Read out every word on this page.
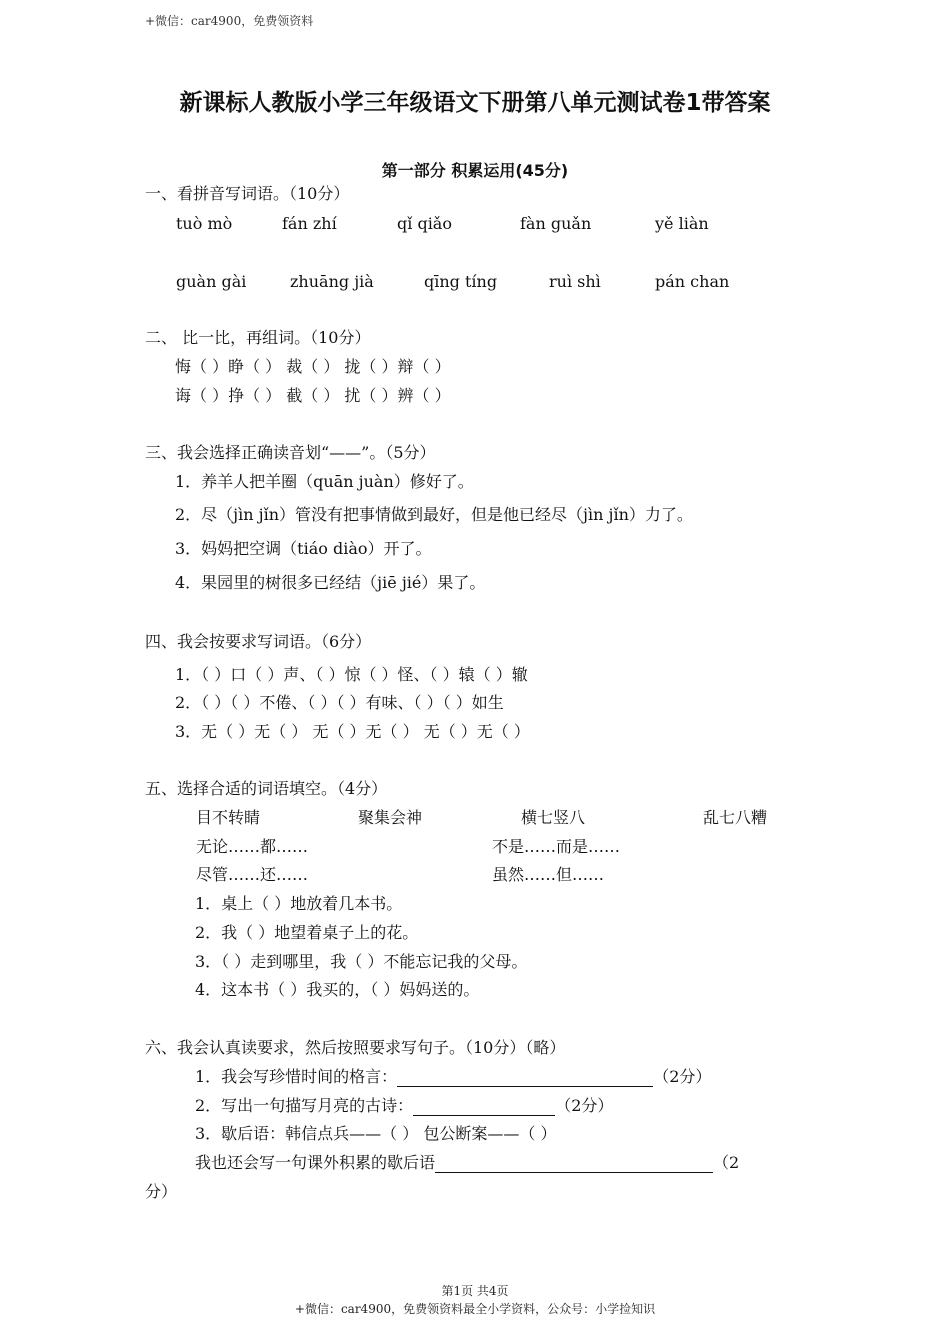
+微信：car4900，免费领资料
新课标人教版小学三年级语文下册第八单元测试卷1带答案
第一部分 积累运用(45分)
一、看拼音写词语。（10分）
tuò mò	fán zhí	qǐ qiǎo	fàn guǎn	yě liàn
guàn gài	zhuāng jià	qīng tíng	ruì shì	pán chan
二、 比一比，再组词。（10分）
悔（ ）睁（ ） 裁（ ） 拢（ ）辩（ ）
诲（ ）挣（ ） 截（ ） 扰（ ）辨（ ）
三、我会选择正确读音划“——”。（5分）
1．养羊人把羊圈（quān juàn）修好了。
2．尽（jìn jǐn）管没有把事情做到最好，但是他已经尽（jìn jǐn）力了。
3．妈妈把空调（tiáo diào）开了。
4．果园里的树很多已经结（jiē jié）果了。
四、我会按要求写词语。（6分）
1．（ ）口（ ）声、（ ）惊（ ）怪、（ ）辕（ ）辙
2．（ ）（ ）不倦、（ ）（ ）有味、（ ）（ ）如生
3．无（ ）无（ ） 无（ ）无（ ） 无（ ）无（ ）
五、选择合适的词语填空。（4分）
目不转睛	聚集会神	横七竖八	乱七八糟
无论……都……	不是……而是……
尽管……还……	虽然……但……
1．桌上（ ）地放着几本书。
2．我（ ）地望着桌子上的花。
3．（ ）走到哪里，我（ ）不能忘记我的父母。
4．这本书（ ）我买的，（ ）妈妈送的。
六、我会认真读要求，然后按照要求写句子。（10分）（略）
1．我会写珍惜时间的格言：	（2分）
2．写出一句描写月亮的古诗：	（2分）
3．歇后语：韩信点兵——（ ） 包公断案——（ ）
我也还会写一句课外积累的歇后语	（2
分）
第1页 共4页
+微信：car4900，免费领资料最全小学资料，公众号：小学捡知识
